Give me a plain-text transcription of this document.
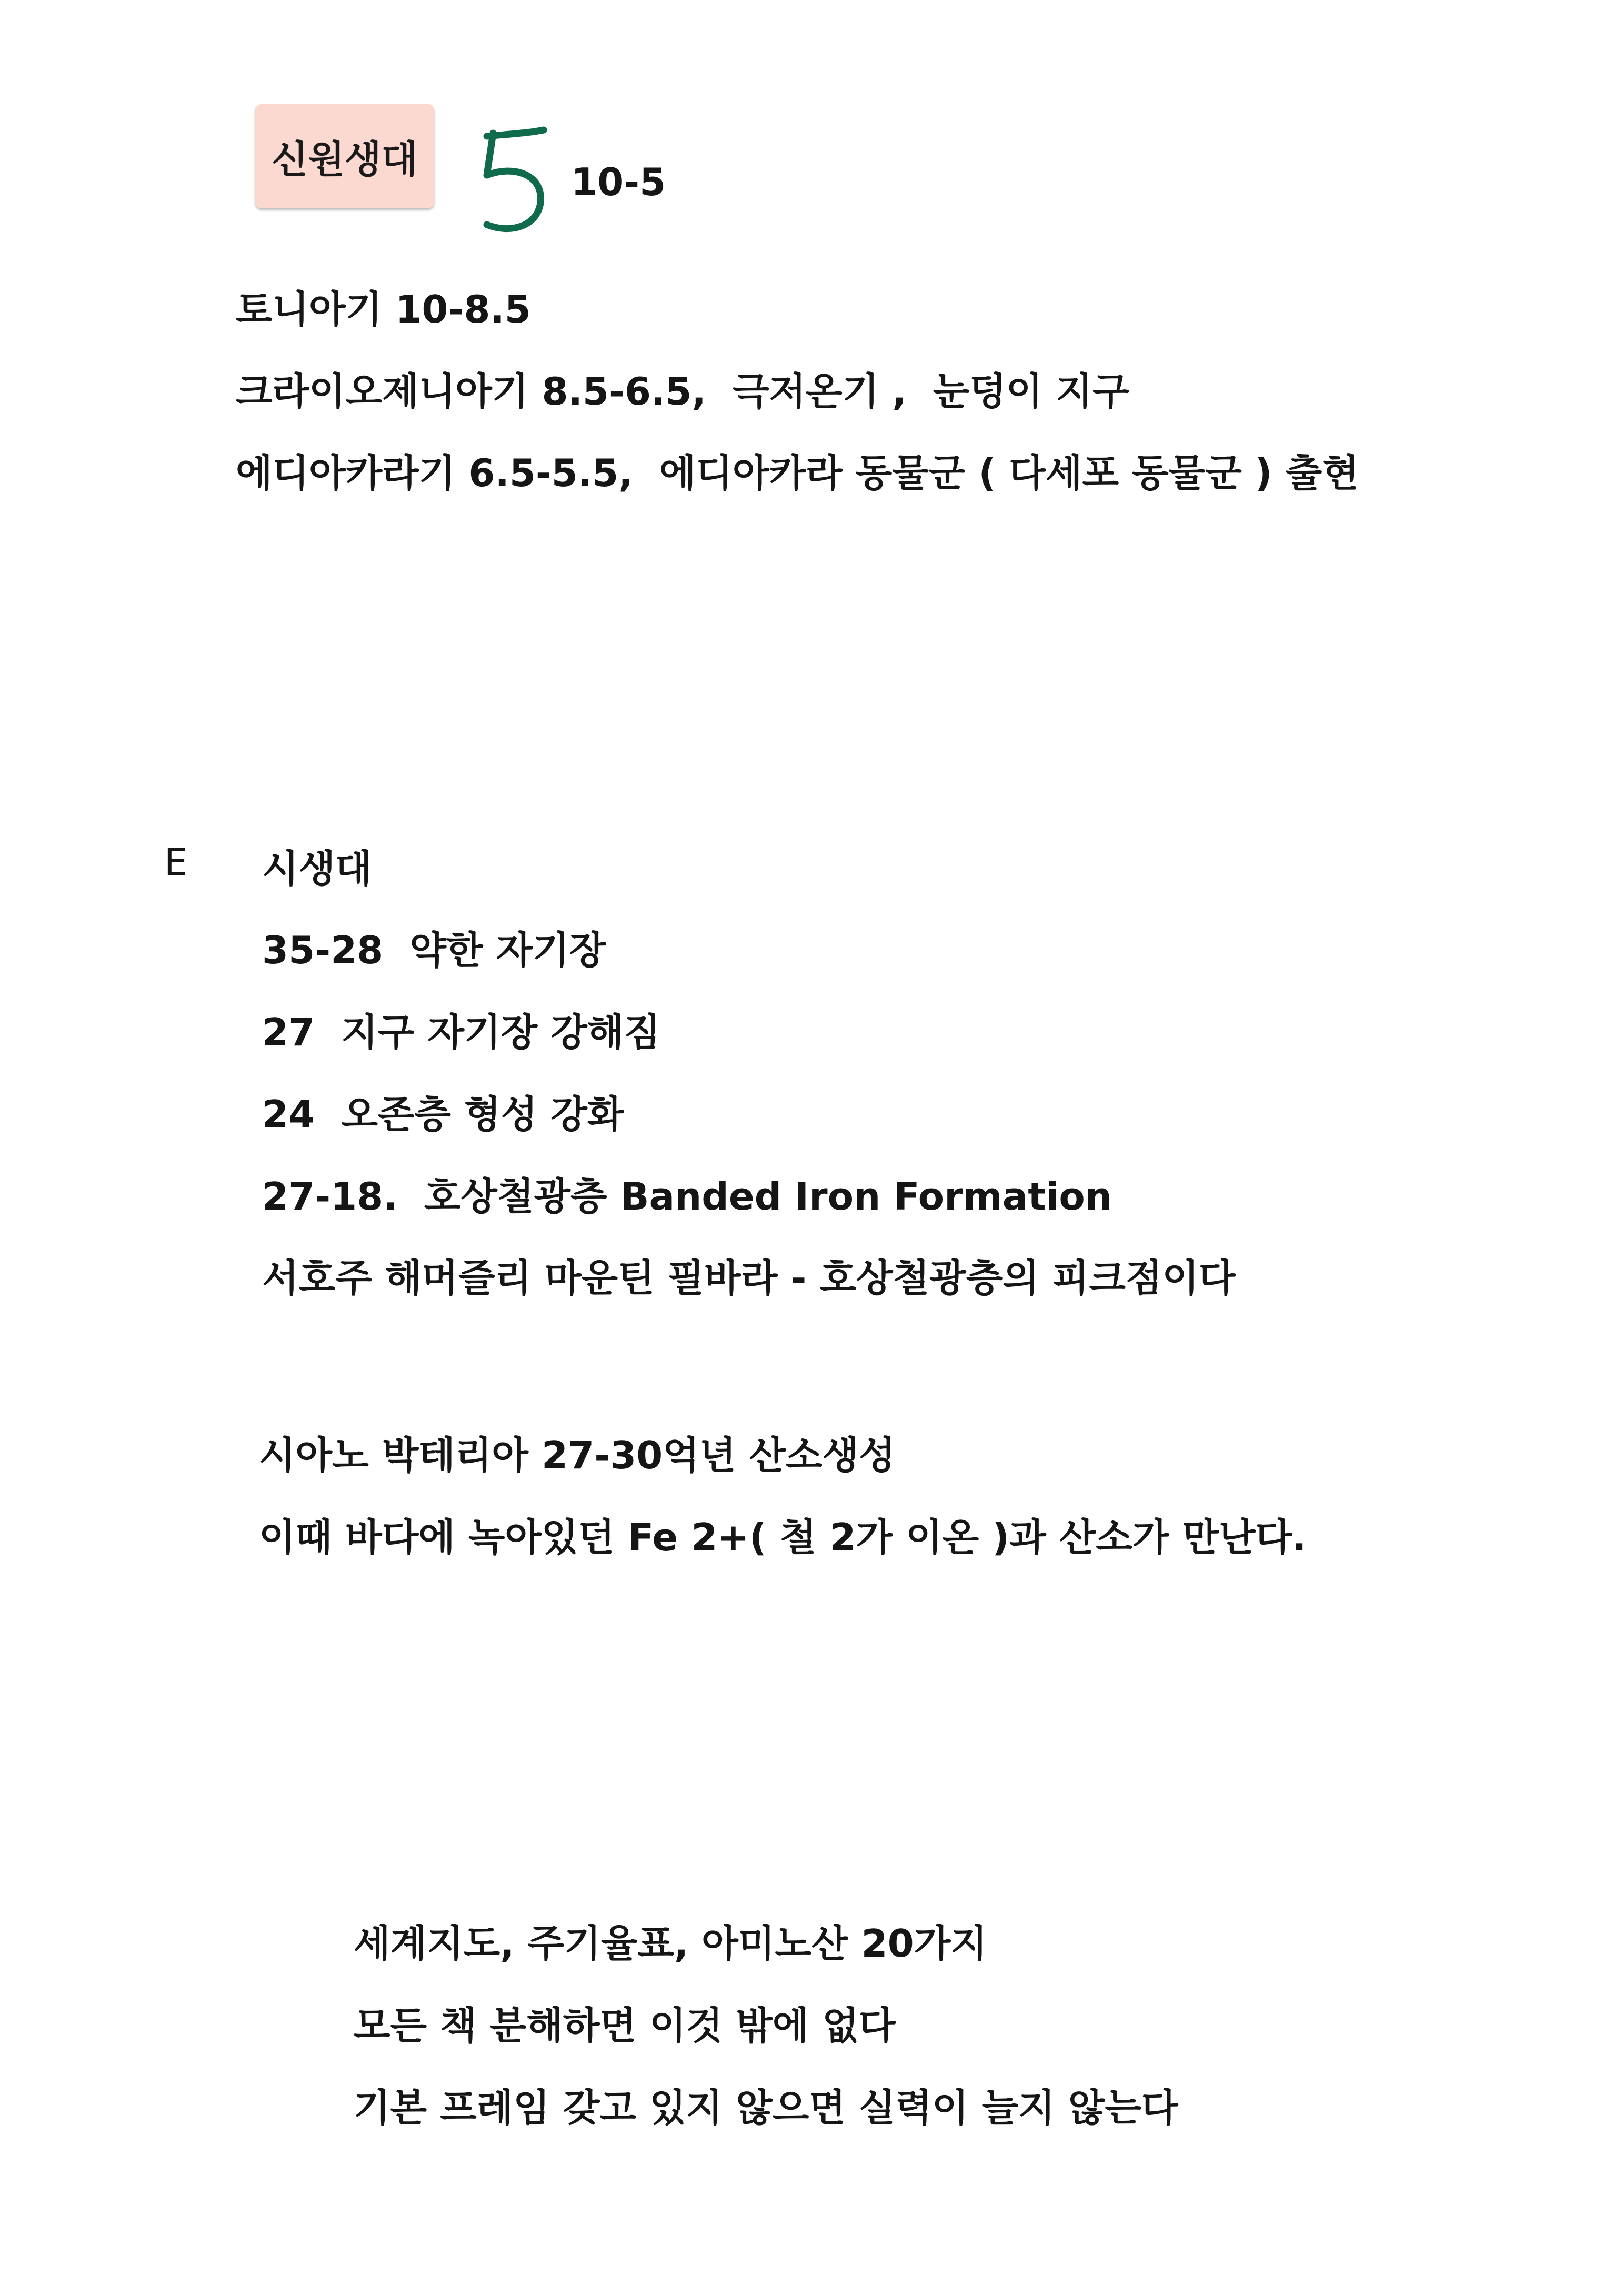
신원생대
10-5
토니아기 10-8.5
크라이오제니아기 8.5-6.5,  극저온기 ,  눈덩이 지구
에디아카라기 6.5-5.5,  에디아카라 동물군 ( 다세포 동물군 ) 출현
E 시생대
35-28  약한 자기장
27  지구 자기장 강해짐
24  오존층 형성 강화
27-18.  호상철광층 Banded Iron Formation
서호주 해머즐리 마운틴 필바라 - 호상철광층의 피크점이다
시아노 박테리아 27-30억년 산소생성
이때 바다에 녹아있던 Fe 2+( 철 2가 이온 )과 산소가 만난다.
세계지도, 주기율표, 아미노산 20가지
모든 책 분해하면 이것 밖에 없다
기본 프레임 갖고 있지 않으면 실력이 늘지 않는다
